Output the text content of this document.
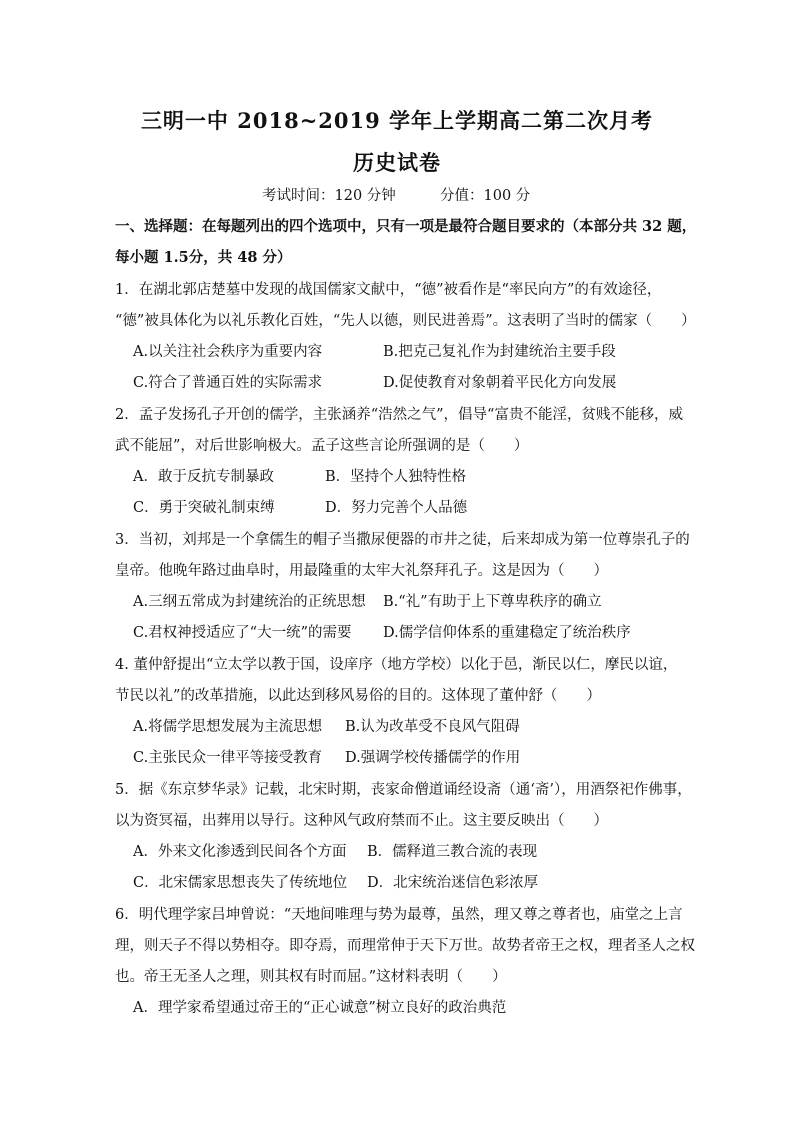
三明一中 2018~2019 学年上学期高二第二次月考
历史试卷
考试时间：120 分钟	分值：100 分
一、选择题：在每题列出的四个选项中，只有一项是最符合题目要求的（本部分共 32 题，
每小题 1.5分，共 48 分）
1．在湖北郭店楚墓中发现的战国儒家文献中，“德”被看作是“率民向方”的有效途径，
“德”被具体化为以礼乐教化百姓，“先人以德，则民进善焉”。这表明了当时的儒家（　　）
A.以关注社会秩序为重要内容	B.把克己复礼作为封建统治主要手段
C.符合了普通百姓的实际需求	D.促使教育对象朝着平民化方向发展
2．孟子发扬孔子开创的儒学，主张涵养“浩然之气”，倡导“富贵不能淫，贫贱不能移，威
武不能屈”，对后世影响极大。孟子这些言论所强调的是（　　）
A．敢于反抗专制暴政	B．坚持个人独特性格
C．勇于突破礼制束缚	D．努力完善个人品德
3．当初，刘邦是一个拿儒生的帽子当撒尿便器的市井之徒，后来却成为第一位尊崇孔子的
皇帝。他晚年路过曲阜时，用最隆重的太牢大礼祭拜孔子。这是因为（　　）
A.三纲五常成为封建统治的正统思想 B.“礼”有助于上下尊卑秩序的确立
C.君权神授适应了“大一统”的需要 D.儒学信仰体系的重建稳定了统治秩序
4. 董仲舒提出“立太学以教于国，设庠序（地方学校）以化于邑，渐民以仁，摩民以谊，
节民以礼”的改革措施，以此达到移风易俗的目的。这体现了董仲舒（　　）
A.将儒学思想发展为主流思想 B.认为改革受不良风气阻碍
C.主张民众一律平等接受教育 D.强调学校传播儒学的作用
5．据《东京梦华录》记载，北宋时期，丧家命僧道诵经设斋（通‘斋’），用酒祭祀作佛事，
以为资冥福，出葬用以导行。这种风气政府禁而不止。这主要反映出（　　）
A．外来文化渗透到民间各个方面 B．儒释道三教合流的表现
C．北宋儒家思想丧失了传统地位 D．北宋统治迷信色彩浓厚
6．明代理学家吕坤曾说：“天地间唯理与势为最尊，虽然，理又尊之尊者也，庙堂之上言
理，则天子不得以势相夺。即夺焉，而理常伸于天下万世。故势者帝王之权，理者圣人之权
也。帝王无圣人之理，则其权有时而屈。”这材料表明（　　）
A．理学家希望通过帝王的“正心诚意”树立良好的政治典范
